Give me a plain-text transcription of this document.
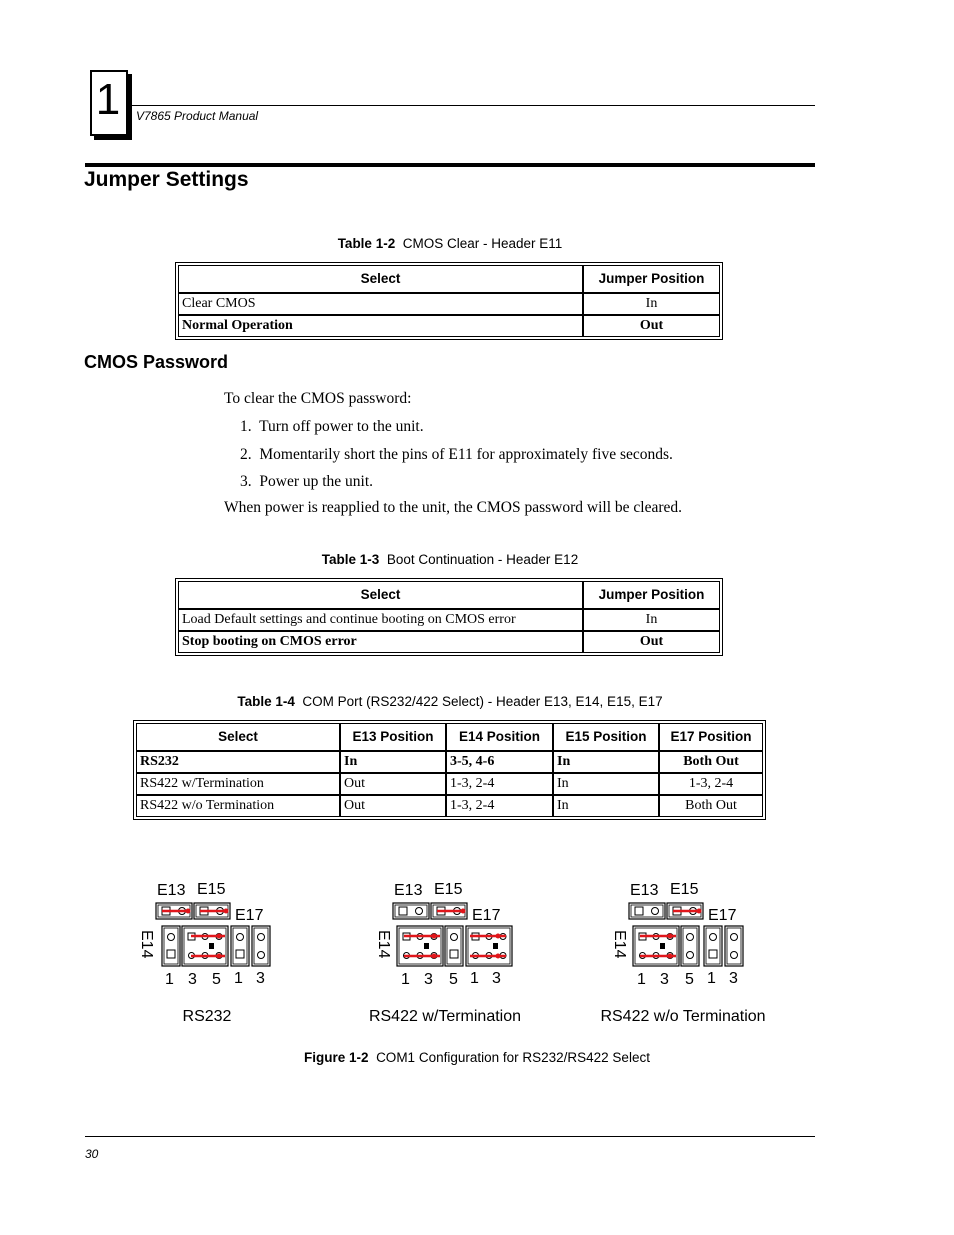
1	V7865 Product Manual
Jumper Settings
Table 1-2 CMOS Clear - Header E11
Select	Jumper Position
Clear CMOS	In
Normal Operation	Out
CMOS Password
To clear the CMOS password:
1. Turn off power to the unit.
2. Momentarily short the pins of E11 for approximately five seconds.
3. Power up the unit.
When power is reapplied to the unit, the CMOS password will be cleared.
Table 1-3 Boot Continuation - Header E12
Select	Jumper Position
Load Default settings and continue booting on CMOS error	In
Stop booting on CMOS error	Out
Table 1-4 COM Port (RS232/422 Select) - Header E13, E14, E15, E17
Select	E13 Position	E14 Position	E15 Position	E17 Position
RS232	In	3-5, 4-6	In	Both Out
RS422 w/Termination	Out	1-3, 2-4	In	1-3, 2-4
RS422 w/o Termination	Out	1-3, 2-4	In	Both Out
E13 E15
E17
E14
1 3 5 1 3
RS232
E13 E15
E17
E14
1 3 5 1 3
RS422 w/Termination
E13 E15
E17
E14
1 3 5 1 3
RS422 w/o Termination
Figure 1-2 COM1 Configuration for RS232/RS422 Select
30
